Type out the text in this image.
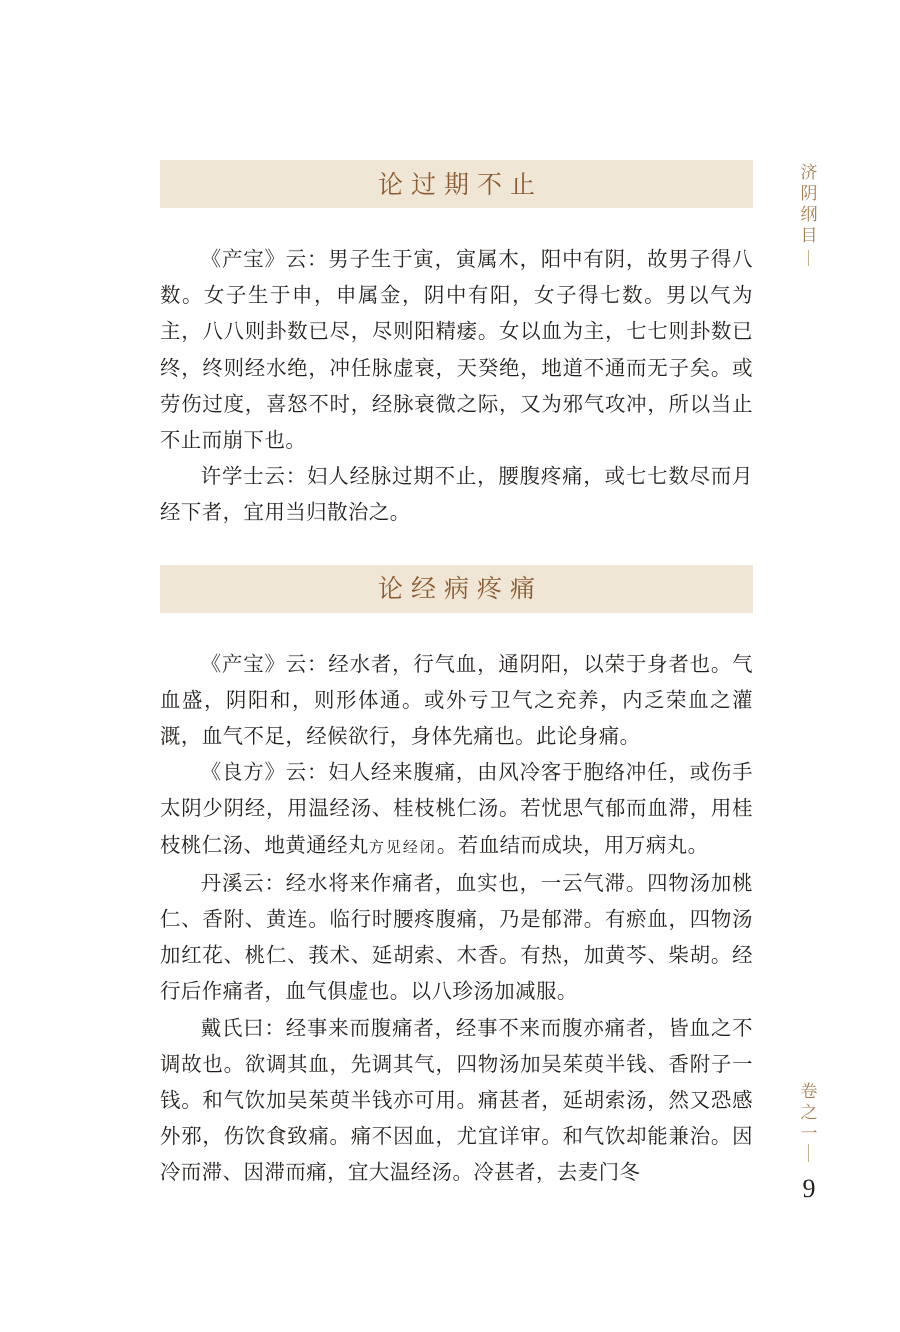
论过期不止

《产宝》云：男子生于寅，寅属木，阳中有阴，故男子得八数。女子生于申，申属金，阴中有阳，女子得七数。男以气为主，八八则卦数已尽，尽则阳精痿。女以血为主，七七则卦数已终，终则经水绝，冲任脉虚衰，天癸绝，地道不通而无子矣。或劳伤过度，喜怒不时，经脉衰微之际，又为邪气攻冲，所以当止不止而崩下也。

许学士云：妇人经脉过期不止，腰腹疼痛，或七七数尽而月经下者，宜用当归散治之。

论经病疼痛

《产宝》云：经水者，行气血，通阴阳，以荣于身者也。气血盛，阴阳和，则形体通。或外亏卫气之充养，内乏荣血之灌溉，血气不足，经候欲行，身体先痛也。此论身痛。

《良方》云：妇人经来腹痛，由风冷客于胞络冲任，或伤手太阴少阴经，用温经汤、桂枝桃仁汤。若忧思气郁而血滞，用桂枝桃仁汤、地黄通经丸方见经闭。若血结而成块，用万病丸。

丹溪云：经水将来作痛者，血实也，一云气滞。四物汤加桃仁、香附、黄连。临行时腰疼腹痛，乃是郁滞。有瘀血，四物汤加红花、桃仁、莪术、延胡索、木香。有热，加黄芩、柴胡。经行后作痛者，血气俱虚也。以八珍汤加减服。

戴氏曰：经事来而腹痛者，经事不来而腹亦痛者，皆血之不调故也。欲调其血，先调其气，四物汤加吴茱萸半钱、香附子一钱。和气饮加吴茱萸半钱亦可用。痛甚者，延胡索汤，然又恐感外邪，伤饮食致痛。痛不因血，尤宜详审。和气饮却能兼治。因冷而滞、因滞而痛，宜大温经汤。冷甚者，去麦门冬

济
阴
纲
目
卷
之
一
9
